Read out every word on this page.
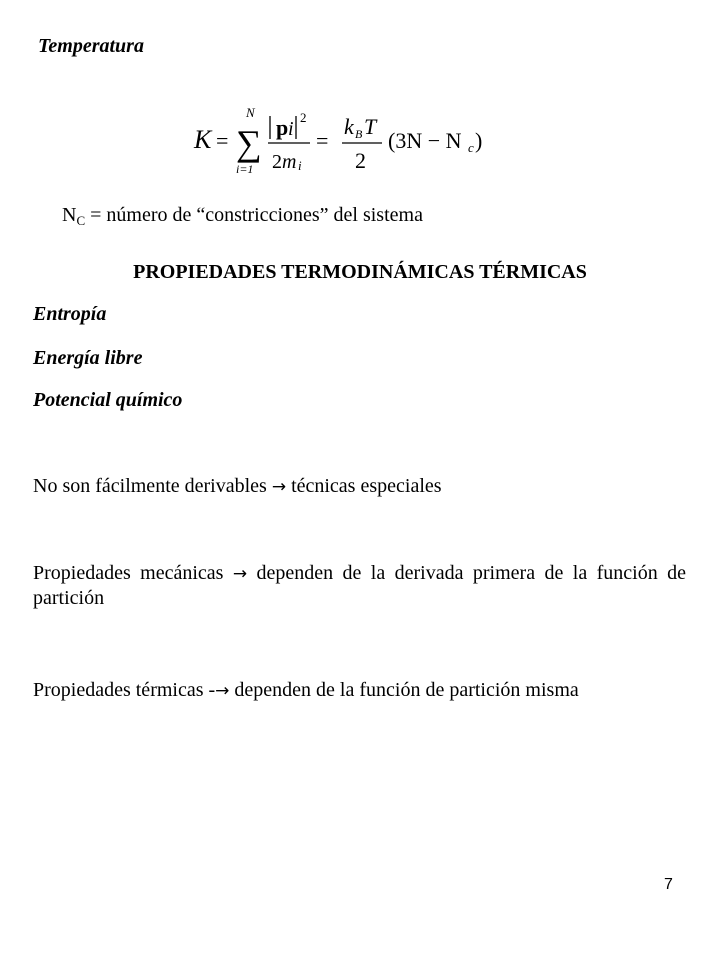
Temperatura
K =
N
∑
i=1
p i
2
2 m i
=
k B T
2
(3N − N c )
$N_C$ = número de “constricciones” del sistema
PROPIEDADES TERMODINÁMICAS TÉRMICAS
Entropía
Energía libre
Potencial químico
No son fácilmente derivables → técnicas especiales
Propiedades mecánicas → dependen de la derivada primera de la función de partición
Propiedades térmicas -→ dependen de la función de partición misma
7
